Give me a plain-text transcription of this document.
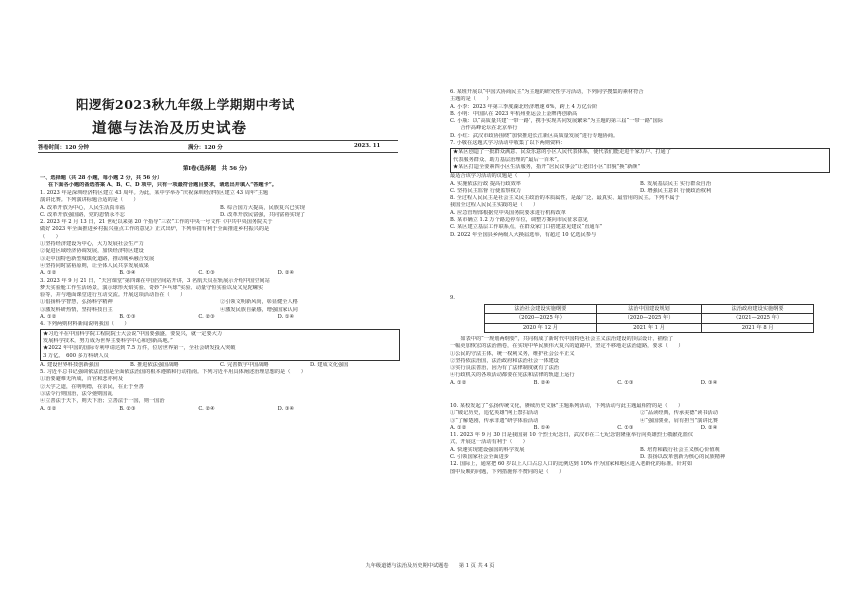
阳逻街2023秋九年级上学期期中考试
道德与法治及历史试卷
答卷时间：120 分钟	满分：120 分	2023. 11
第Ⅰ卷(选择题　共 56 分)
一、选择题（共 28 小题，每小题 2 分，共 56 分）
在下面各小题的备选答案 A、B、C、D 项中，只有一项最符合题目要求，请选出并填入“答题卡”。
1. 2023 年是深圳经济特区建立 43 周年。为此，某中学举办“庆祝深圳经济特区建立 43 周年”主题
演讲比赛。下列演讲标题合适的是（　　）
A. 改革开放为中心，人民生活真幸福	B. 综合国力大提高，民族复兴已实现
C. 改革开放强国路，党的恩情永不忘	D. 改革开放民富强，共同富裕实现了
2. 2023 年 2 月 13 日，21 世纪以来第 20 个指导“三农”工作的中央一号文件《中共中央国务院关于
做好 2023 年全面推进乡村振兴重点工作的意见》正式出炉，下列举措有利于全面推进乡村振兴的是
（　　）
①坚持经济建设为中心，大力发展社会生产力
②促进区域经济协调发展，加快经济特区建设
③走中国特色新型城镇化道路，推动城乡融合发展
④坚持同时富裕原则，让全体人民共享发展成果
A. ①②	B. ③④	C. ①③	D. ②④
3. 2023 年 9 月 21 日，“天宫课堂”第四课在中国空间站开讲，3 名航天员在轨展示介绍中国空间站
梦天实验舱工作生活场景，演示球形火焰实验、奇妙“乒乓球”实验、动量守恒实验以及又见陀螺实
验等，并与地面课堂进行互动交流。开展这项活动旨在（　　）
①倡扬科学智慧，弘扬科学精神	②引领文明新风尚，彰显健全人格
③激发科研热情，坚持科技自主	④激发民族自豪感，增强国家认同
A. ①②	B. ①③	C. ②③	D. ①④
4. 下列两则材料新闻说明我国（　　）
★习近平在中国科学院工程院院士大会说“中国要强盛，要复兴，就一定要大力
发展科学技术，努力成为世界主要科学中心和创新高地。”
★2022 年中国的国际专利申请达到 7.5 万件，位居世界第一，全社会研发投入突破
3 万亿。　600 多万科研人员
A. 建设世界科技创新强国	B. 推进依法强国战略	C. 完善数字中国战略	D. 建成文化强国
5. 习近平总书记强调依法治国是全面依法治国的根本遵循和行动指南。下列习近平用具体阐述治理思想的是（　　）
①治要避难无所成，百官和悲亦何及
②大学之道，在明明德，在亲民，在止于至善
③法令行则国治，法令弛则国乱
④立善法于天下，则天下治；立善法于一国，则一国治
A. ①②	B. ②③	C. ②④	D. ③④
6. 某班开展以“中国式协商民主”为主题的研究性学习活动，下列同学搜集的素材符合
主题的是（　　）
A. 小李：2023 年第三季度湖北经济增速 6%，跨上 4 万亿台阶
B. 小明：中国队在 2023 年杭州亚运会上金牌再创新高
C. 小瓶：以“高质量共建‘一带一路’，携手实现共同发展繁荣”为主题的第三届“一带一路”国际
　　合作高峰论坛在北京举行
D. 小红：武汉市政协围绕“加快推进长江新区高质量发展”进行专题协商。
7. 小敬在这题式学习活动中收集了以下两则资料：
★某区创造了一批群众满意、民众乐意的小区人民代表体系，使代表们能走进千家万户、打通了
代表服务群众、助力基层治理的“最后一百米”。
★某区打造全要素四小区生活服务，指开“居民议事会”让老旧小区“旧貌”换“新颜”
最适合该学习活动的议题是（　　）
A. 实施依法行政 提高行政效率	B. 发展基层民主 实行群众自治
C. 坚持民主监督 行使监察权力	D. 增强民主意识 行使政治权利
8. 全过程人民民主是社会主义民主政治的本质属性，是最广泛、最真实、最管用的民主。下列不属于
我国全过程人民民主实践的是（　　）
A. 应急管理部根据党中央国务院要求进行机构改革
B. 某市确立 1.2 万个路边停车位，调整方案向市民征求意见
C. 某区建立基层工作联系点，在群众家门口搭建意见建议“直通车”
D. 2022 年全国县乡两级人大换届选举，有超过 10 亿选民参与
9.
法治社会建设实施纲要	法治中国建设规划	法治政府建设实施纲要
（2020—2025 年）	（2020—2025 年）	（2021—2025 年）
2020 年 12 月	2021 年 1 月	2021 年 8 月
　　如表中的“一规划两纲要”，共同构成了新时代中国特色社会主义法治建设的顶层设计，描绘了
一幅更加恢宏的法治画卷，在实现中华民族伟大复兴的道路中，坚定不移地走法治道路，要求（　　）
①公民的守法主体，统一权利义务，维护社会公平正义
②坚持依法治国，法治政府和法治社会一体建设
③实行良法善治，因为有了法律制度就有了法治
④行政机关的各项活动都要在宪法和法律的轨道上运行
A. ①②	B. ②④	C. ①③	D. ③④
10. 某校发起了“弘扬传统文化，赓续历史文脉”主题系列活动，下列活动与此主题最相符的是（　　）
①“破记历史，追忆英雄”网上祭扫活动	②“品读经典，传承美德”读书活动
③“了解楚剧，传承非遗”研学体验活动	④“强国骏业，肩有担当”演讲比赛
A. ①②	B. ①④	C. ①③	D. ②④
11. 2023 年 9 月 30 日是我国第 10 个烈士纪念日，武汉市在二七纪念馆隆重举行向英雄烈士敬献花篮仪
式，开展这一活动有利于（　　）
A. 快速实现建设强国的科学发展	B. 培育和践行社会主义核心价值观
C. 引领国家社会全面进步	D. 表扬以改革创新为核心的民族精神
12. 国际上，通常把 60 岁以上人口占总人口的比例达到 10% 作为国家和地区进入老龄化的标准。针对如
图中反映的问题，下列措施你不赞同的是（　　）
九年级道德与法治及历史期中试题卷　　第 1 页 共 4 页
